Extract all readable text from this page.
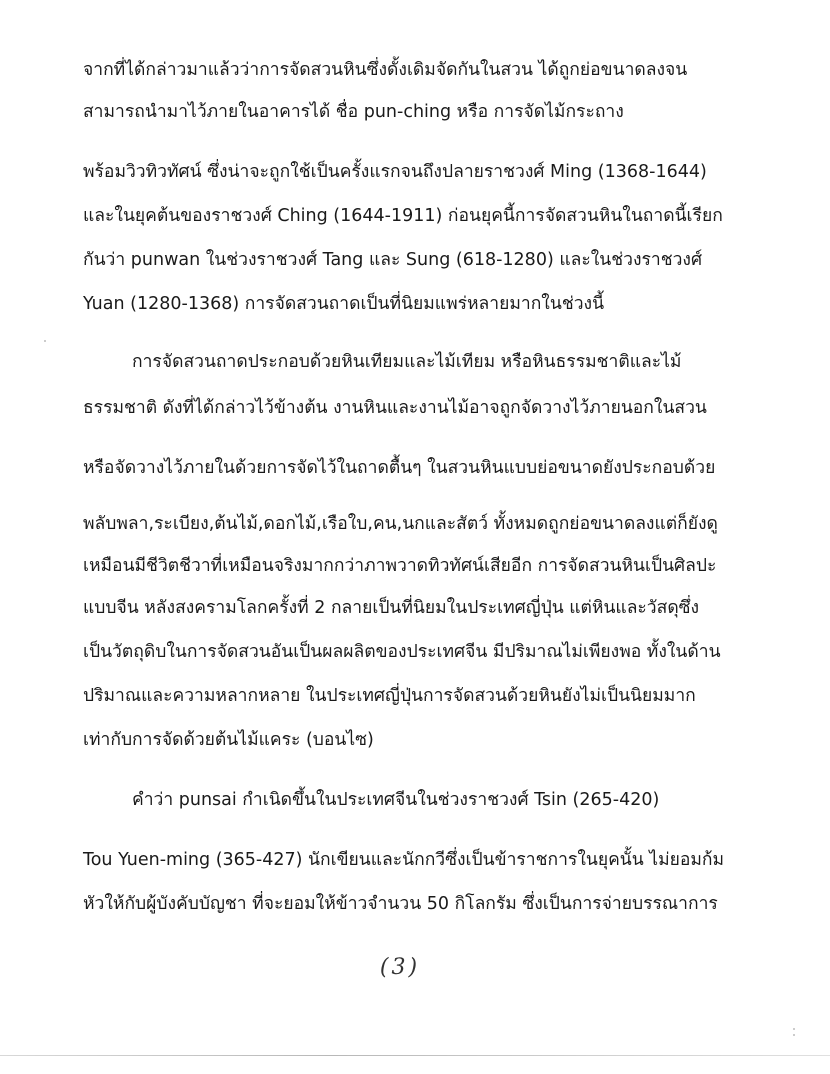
จากที่ได้กล่าวมาแล้วว่าการจัดสวนหินซึ่งดั้งเดิมจัดกันในสวน ได้ถูกย่อขนาดลงจน
สามารถนำมาไว้ภายในอาคารได้ ชื่อ pun-ching หรือ การจัดไม้กระถาง
พร้อมวิวทิวทัศน์ ซึ่งน่าจะถูกใช้เป็นครั้งแรกจนถึงปลายราชวงศ์ Ming (1368-1644)
และในยุคต้นของราชวงศ์ Ching (1644-1911) ก่อนยุคนี้การจัดสวนหินในถาดนี้เรียก
กันว่า punwan ในช่วงราชวงศ์ Tang และ Sung (618-1280) และในช่วงราชวงศ์
Yuan (1280-1368) การจัดสวนถาดเป็นที่นิยมแพร่หลายมากในช่วงนี้
การจัดสวนถาดประกอบด้วยหินเทียมและไม้เทียม หรือหินธรรมชาติและไม้
ธรรมชาติ ดังที่ได้กล่าวไว้ข้างต้น งานหินและงานไม้อาจถูกจัดวางไว้ภายนอกในสวน
หรือจัดวางไว้ภายในด้วยการจัดไว้ในถาดตื้นๆ ในสวนหินแบบย่อขนาดยังประกอบด้วย
พลับพลา,ระเบียง,ต้นไม้,ดอกไม้,เรือใบ,คน,นกและสัตว์ ทั้งหมดถูกย่อขนาดลงแต่ก็ยังดู
เหมือนมีชีวิตชีวาที่เหมือนจริงมากกว่าภาพวาดทิวทัศน์เสียอีก การจัดสวนหินเป็นศิลปะ
แบบจีน หลังสงครามโลกครั้งที่ 2 กลายเป็นที่นิยมในประเทศญี่ปุ่น แต่หินและวัสดุซึ่ง
เป็นวัตถุดิบในการจัดสวนอันเป็นผลผลิตของประเทศจีน มีปริมาณไม่เพียงพอ ทั้งในด้าน
ปริมาณและความหลากหลาย ในประเทศญี่ปุ่นการจัดสวนด้วยหินยังไม่เป็นนิยมมาก
เท่ากับการจัดด้วยต้นไม้แคระ (บอนไซ)
คำว่า punsai กำเนิดขึ้นในประเทศจีนในช่วงราชวงศ์ Tsin (265-420)
Tou Yuen-ming (365-427) นักเขียนและนักกวีซึ่งเป็นข้าราชการในยุคนั้น ไม่ยอมก้ม
หัวให้กับผู้บังคับบัญชา ที่จะยอมให้ข้าวจำนวน 50 กิโลกรัม ซึ่งเป็นการจ่ายบรรณาการ
(3)
